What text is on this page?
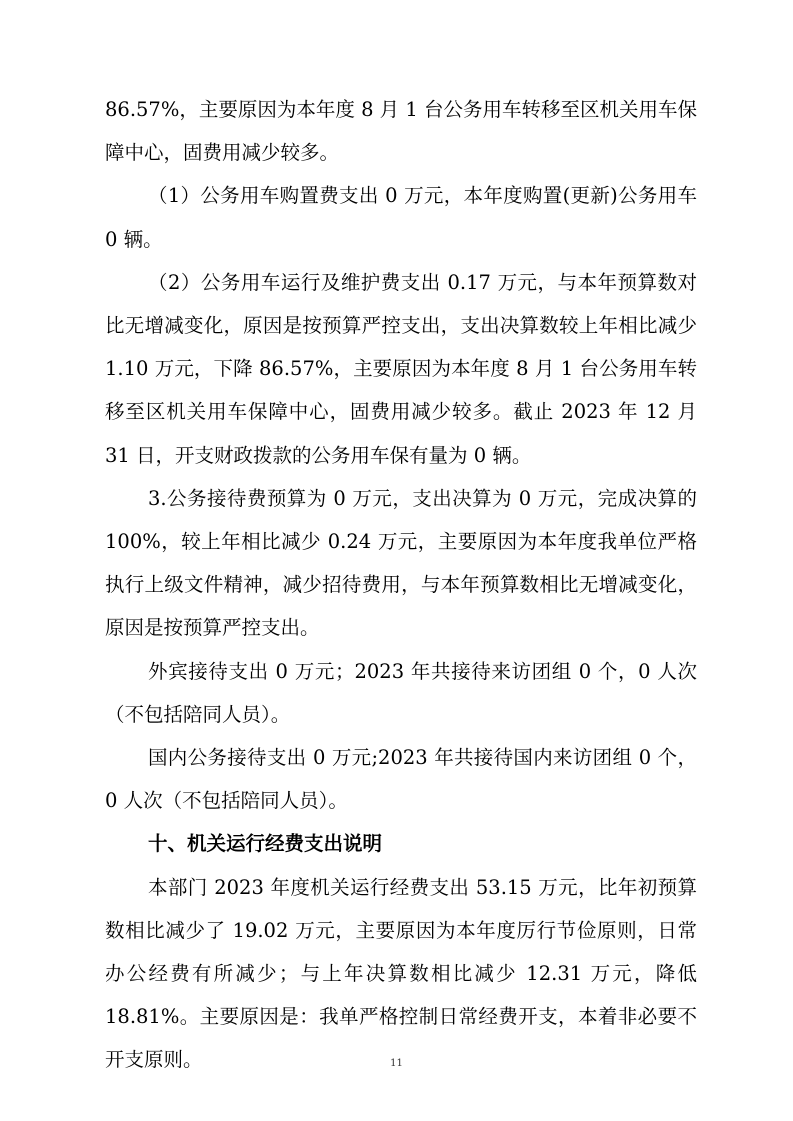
86.57%，主要原因为本年度 8 月 1 台公务用车转移至区机关用车保障中心，固费用减少较多。

（1）公务用车购置费支出 0 万元，本年度购置(更新)公务用车 0 辆。

（2）公务用车运行及维护费支出 0.17 万元，与本年预算数对比无增减变化，原因是按预算严控支出，支出决算数较上年相比减少 1.10 万元，下降 86.57%，主要原因为本年度 8 月 1 台公务用车转移至区机关用车保障中心，固费用减少较多。截止 2023 年 12 月 31 日，开支财政拨款的公务用车保有量为 0 辆。

3.公务接待费预算为 0 万元，支出决算为 0 万元，完成决算的 100%，较上年相比减少 0.24 万元，主要原因为本年度我单位严格执行上级文件精神，减少招待费用，与本年预算数相比无增减变化，原因是按预算严控支出。

外宾接待支出 0 万元；2023 年共接待来访团组 0 个，0 人次（不包括陪同人员）。

国内公务接待支出 0 万元;2023 年共接待国内来访团组 0 个，0 人次（不包括陪同人员）。

十、机关运行经费支出说明

本部门 2023 年度机关运行经费支出 53.15 万元，比年初预算数相比减少了 19.02 万元，主要原因为本年度厉行节俭原则，日常办公经费有所减少；与上年决算数相比减少 12.31 万元，降低 18.81%。主要原因是：我单严格控制日常经费开支，本着非必要不开支原则。	11
